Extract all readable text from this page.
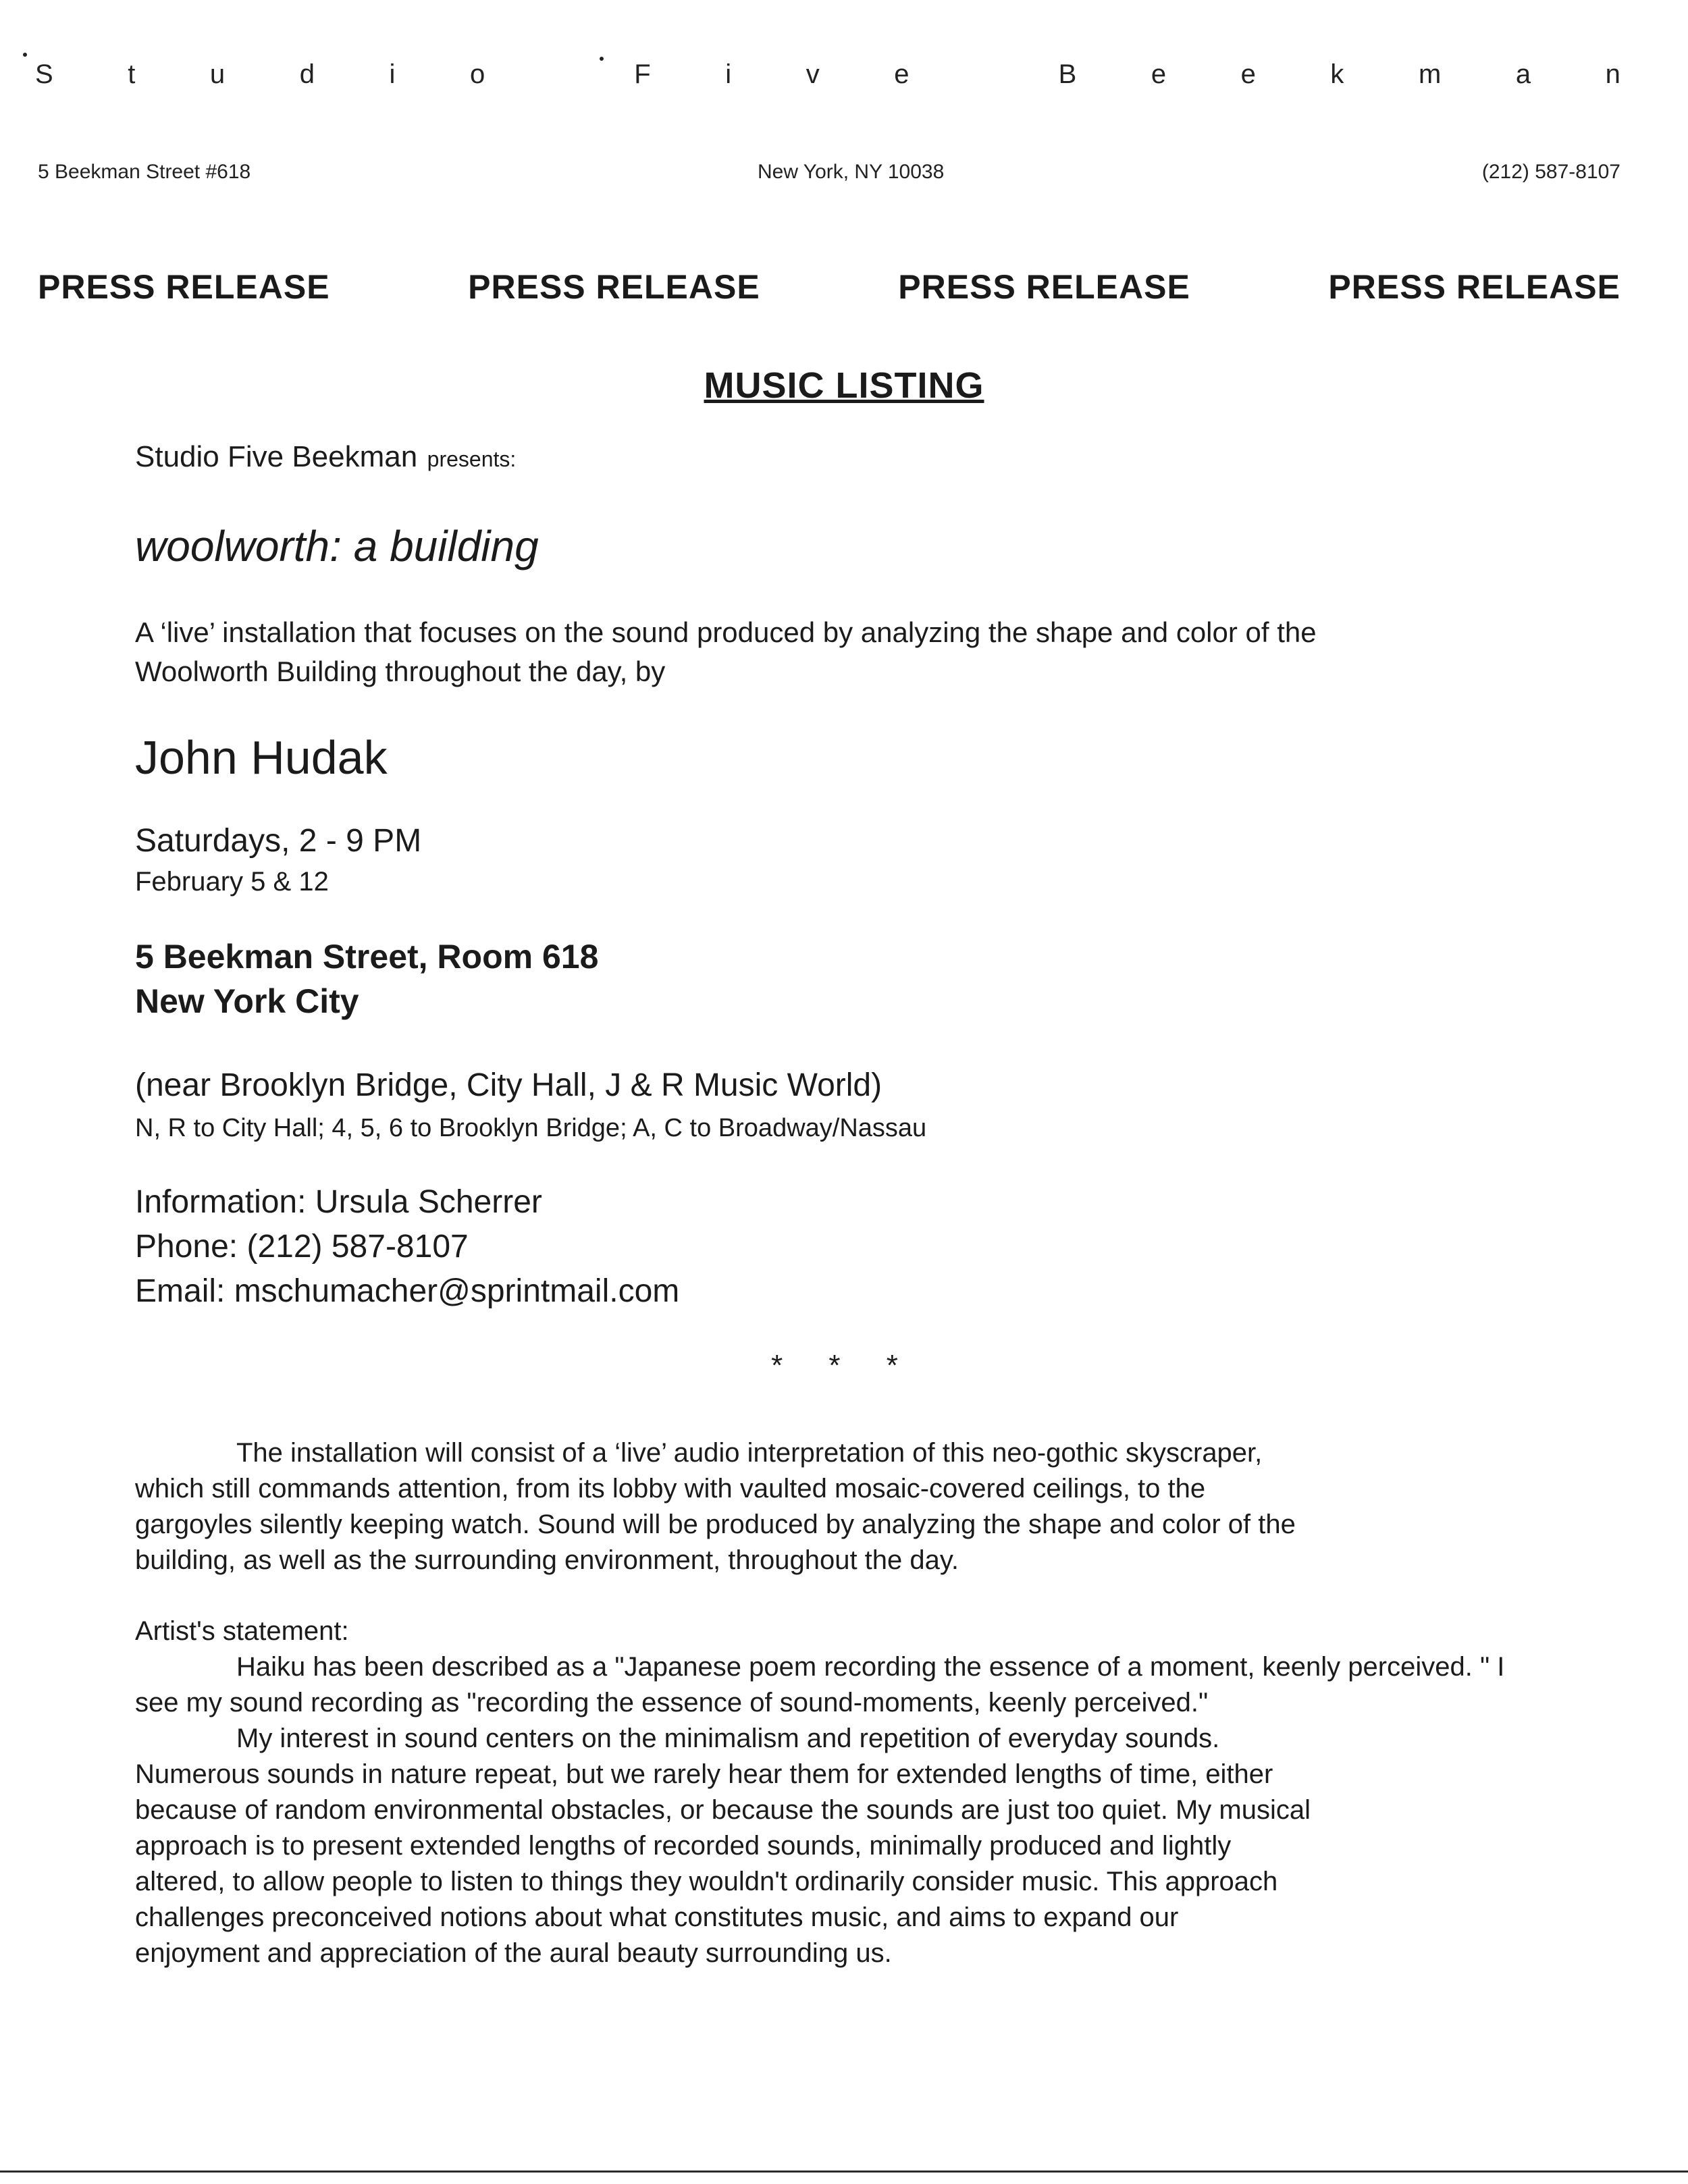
S	t	u	d	i	o	F	i	v	e	B	e	e	k	m	a	n
5 Beekman Street #618	New York, NY 10038	(212) 587-8107
PRESS RELEASE	PRESS RELEASE	PRESS RELEASE	PRESS RELEASE
MUSIC LISTING
Studio Five Beekman presents:
woolworth: a building
A ‘live’ installation that focuses on the sound produced by analyzing the shape and color of the
Woolworth Building throughout the day, by
John Hudak
Saturdays, 2 - 9 PM
February 5 & 12
5 Beekman Street, Room 618
New York City
(near Brooklyn Bridge, City Hall, J & R Music World)
N, R to City Hall; 4, 5, 6 to Brooklyn Bridge; A, C to Broadway/Nassau
Information: Ursula Scherrer
Phone: (212) 587-8107
Email: mschumacher@sprintmail.com
* * *
The installation will consist of a ‘live’ audio interpretation of this neo-gothic skyscraper,
which still commands attention, from its lobby with vaulted mosaic-covered ceilings, to the
gargoyles silently keeping watch. Sound will be produced by analyzing the shape and color of the
building, as well as the surrounding environment, throughout the day.
Artist's statement:
Haiku has been described as a "Japanese poem recording the essence of a moment, keenly perceived. " I
see my sound recording as "recording the essence of sound-moments, keenly perceived."
My interest in sound centers on the minimalism and repetition of everyday sounds.
Numerous sounds in nature repeat, but we rarely hear them for extended lengths of time, either
because of random environmental obstacles, or because the sounds are just too quiet. My musical
approach is to present extended lengths of recorded sounds, minimally produced and lightly
altered, to allow people to listen to things they wouldn't ordinarily consider music. This approach
challenges preconceived notions about what constitutes music, and aims to expand our
enjoyment and appreciation of the aural beauty surrounding us.
